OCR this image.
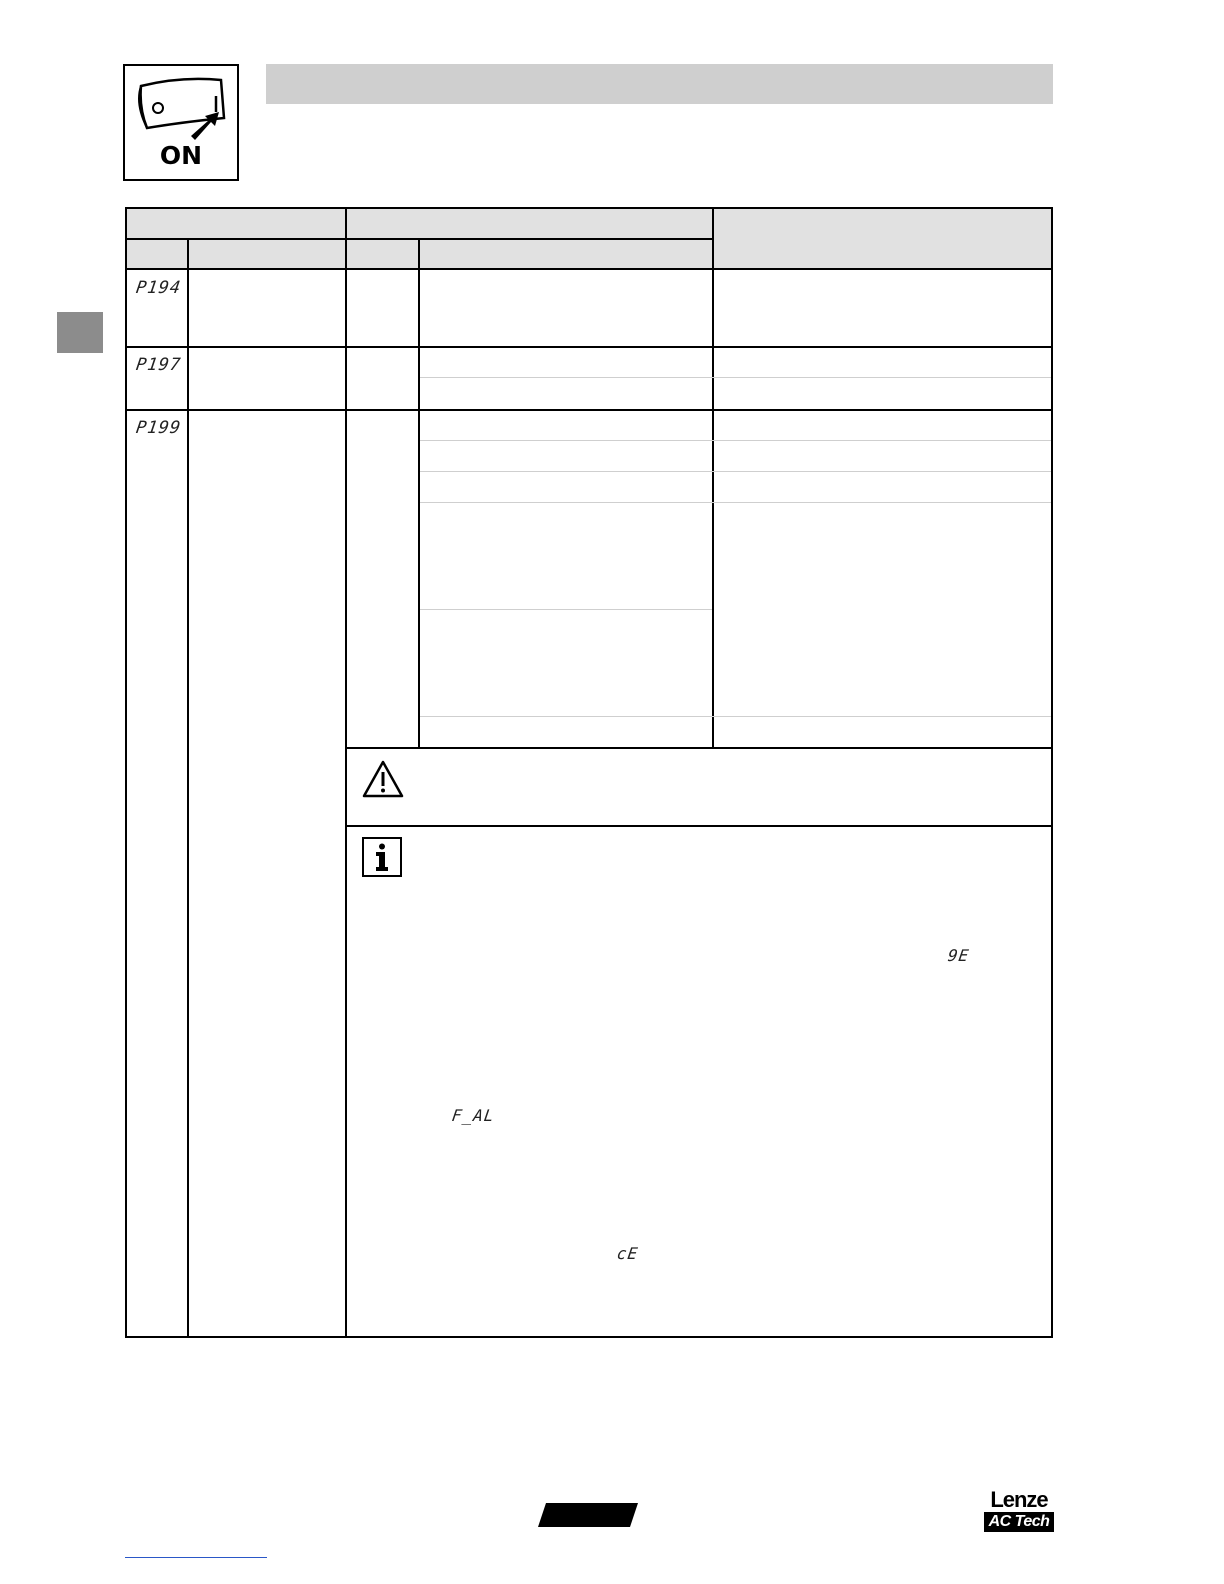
ON
P194
P197
P199
9E
F_AL
cE
Lenze
AC Tech
